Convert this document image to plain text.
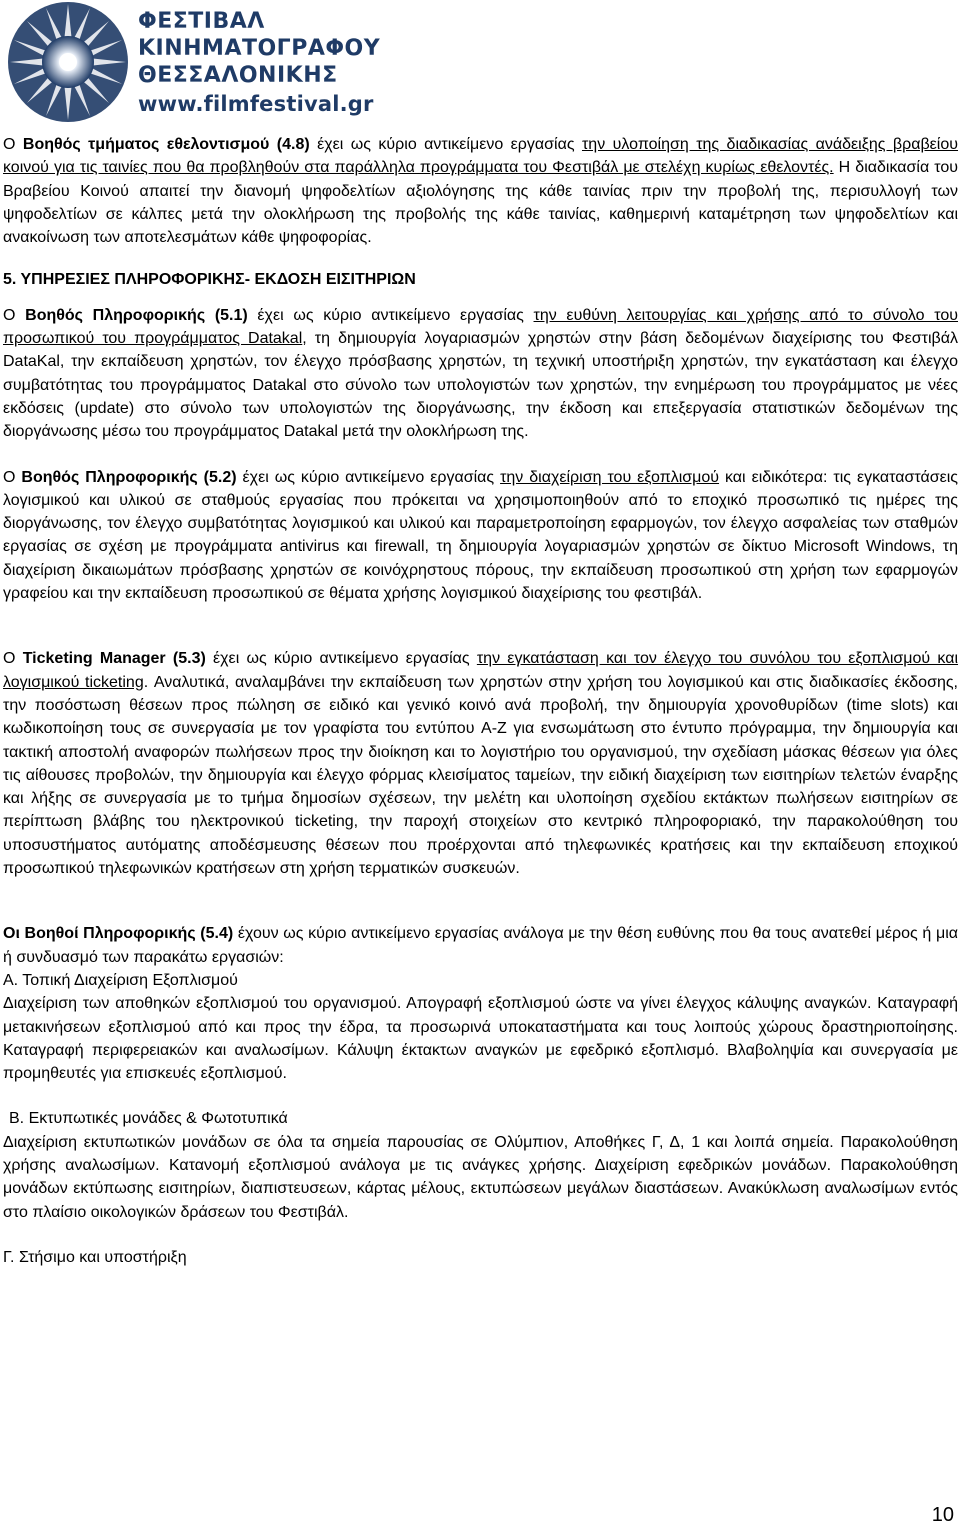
ΦΕΣΤΙΒΑΛ
ΚΙΝΗΜΑΤΟΓΡΑΦΟΥ
ΘΕΣΣΑΛΟΝΙΚΗΣ
www.filmfestival.gr

Ο Βοηθός τμήματος εθελοντισμού (4.8) έχει ως κύριο αντικείμενο εργασίας την υλοποίηση της διαδικασίας ανάδειξης βραβείου κοινού για τις ταινίες που θα προβληθούν στα παράλληλα προγράμματα του Φεστιβάλ με στελέχη κυρίως εθελοντές. Η διαδικασία του Βραβείου Κοινού απαιτεί την διανομή ψηφοδελτίων αξιολόγησης της κάθε ταινίας πριν την προβολή της, περισυλλογή των ψηφοδελτίων σε κάλπες μετά την ολοκλήρωση της προβολής της κάθε ταινίας, καθημερινή καταμέτρηση των ψηφοδελτίων και ανακοίνωση των αποτελεσμάτων κάθε ψηφοφορίας.

5. ΥΠΗΡΕΣΙΕΣ ΠΛΗΡΟΦΟΡΙΚΗΣ- ΕΚΔΟΣΗ ΕΙΣΙΤΗΡΙΩΝ

Ο Βοηθός Πληροφορικής (5.1) έχει ως κύριο αντικείμενο εργασίας την ευθύνη λειτουργίας και χρήσης από το σύνολο του προσωπικού του προγράμματος Datakal, τη δημιουργία λογαριασμών χρηστών στην βάση δεδομένων διαχείρισης του Φεστιβάλ DataKal, την εκπαίδευση χρηστών, τον έλεγχο πρόσβασης χρηστών, τη τεχνική υποστήριξη χρηστών, την εγκατάσταση και έλεγχο συμβατότητας του προγράμματος Datakal στο σύνολο των υπολογιστών των χρηστών, την ενημέρωση του προγράμματος με νέες εκδόσεις (update) στο σύνολο των υπολογιστών της διοργάνωσης, την έκδοση και επεξεργασία στατιστικών δεδομένων της διοργάνωσης μέσω του προγράμματος Datakal μετά την ολοκλήρωση της.

Ο Βοηθός Πληροφορικής (5.2) έχει ως κύριο αντικείμενο εργασίας την διαχείριση του εξοπλισμού και ειδικότερα: τις εγκαταστάσεις λογισμικού και υλικού σε σταθμούς εργασίας που πρόκειται να χρησιμοποιηθούν από το εποχικό προσωπικό τις ημέρες της διοργάνωσης, τον έλεγχο συμβατότητας λογισμικού και υλικού και παραμετροποίηση εφαρμογών, τον έλεγχο ασφαλείας των σταθμών εργασίας σε σχέση με προγράμματα antivirus και firewall, τη δημιουργία λογαριασμών χρηστών σε δίκτυο Microsoft Windows, τη διαχείριση δικαιωμάτων πρόσβασης χρηστών σε κοινόχρηστους πόρους, την εκπαίδευση προσωπικού στη χρήση των εφαρμογών γραφείου και την εκπαίδευση προσωπικού σε θέματα χρήσης λογισμικού διαχείρισης του φεστιβάλ.

Ο Ticketing Manager (5.3) έχει ως κύριο αντικείμενο εργασίας την εγκατάσταση και τον έλεγχο του συνόλου του εξοπλισμού και λογισμικού ticketing. Αναλυτικά, αναλαμβάνει την εκπαίδευση των χρηστών στην χρήση του λογισμικού και στις διαδικασίες έκδοσης, την ποσόστωση θέσεων προς πώληση σε ειδικό και γενικό κοινό ανά προβολή, την δημιουργία χρονοθυρίδων (time slots) και κωδικοποίηση τους σε συνεργασία με τον γραφίστα του εντύπου A-Z για ενσωμάτωση στο έντυπο πρόγραμμα, την δημιουργία και τακτική αποστολή αναφορών πωλήσεων προς την διοίκηση και το λογιστήριο του οργανισμού, την σχεδίαση μάσκας θέσεων για όλες τις αίθουσες προβολών, την δημιουργία και έλεγχο φόρμας κλεισίματος ταμείων, την ειδική διαχείριση των εισιτηρίων τελετών έναρξης και λήξης σε συνεργασία με το τμήμα δημοσίων σχέσεων, την μελέτη και υλοποίηση σχεδίου εκτάκτων πωλήσεων εισιτηρίων σε περίπτωση βλάβης του ηλεκτρονικού ticketing, την παροχή στοιχείων στο κεντρικό πληροφοριακό, την παρακολούθηση του υποσυστήματος αυτόματης αποδέσμευσης θέσεων που προέρχονται από τηλεφωνικές κρατήσεις και την εκπαίδευση εποχικού προσωπικού τηλεφωνικών κρατήσεων στη χρήση τερματικών συσκευών.

Οι Βοηθοί Πληροφορικής (5.4) έχουν ως κύριο αντικείμενο εργασίας ανάλογα με την θέση ευθύνης που θα τους ανατεθεί μέρος ή μια ή συνδυασμό των παρακάτω εργασιών:

Α. Τοπική Διαχείριση Εξοπλισμού

Διαχείριση των αποθηκών εξοπλισμού του οργανισμού. Απογραφή εξοπλισμού ώστε να γίνει έλεγχος κάλυψης αναγκών. Καταγραφή μετακινήσεων εξοπλισμού από και προς την έδρα, τα προσωρινά υποκαταστήματα και τους λοιπούς χώρους δραστηριοποίησης. Καταγραφή περιφερειακών και αναλωσίμων. Κάλυψη έκτακτων αναγκών με εφεδρικό εξοπλισμό. Βλαβοληψία και συνεργασία με προμηθευτές για επισκευές εξοπλισμού.

Β. Εκτυπωτικές μονάδες & Φωτοτυπικά

Διαχείριση εκτυπωτικών μονάδων σε όλα τα σημεία παρουσίας σε Ολύμπιον, Αποθήκες Γ, Δ, 1 και λοιπά σημεία. Παρακολούθηση χρήσης αναλωσίμων. Κατανομή εξοπλισμού ανάλογα με τις ανάγκες χρήσης. Διαχείριση εφεδρικών μονάδων. Παρακολούθηση μονάδων εκτύπωσης εισιτηρίων, διαπιστευσεων, κάρτας μέλους, εκτυπώσεων μεγάλων διαστάσεων. Ανακύκλωση αναλωσίμων εντός στο πλαίσιο οικολογικών δράσεων του Φεστιβάλ.

Γ. Στήσιμο και υποστήριξη

10
